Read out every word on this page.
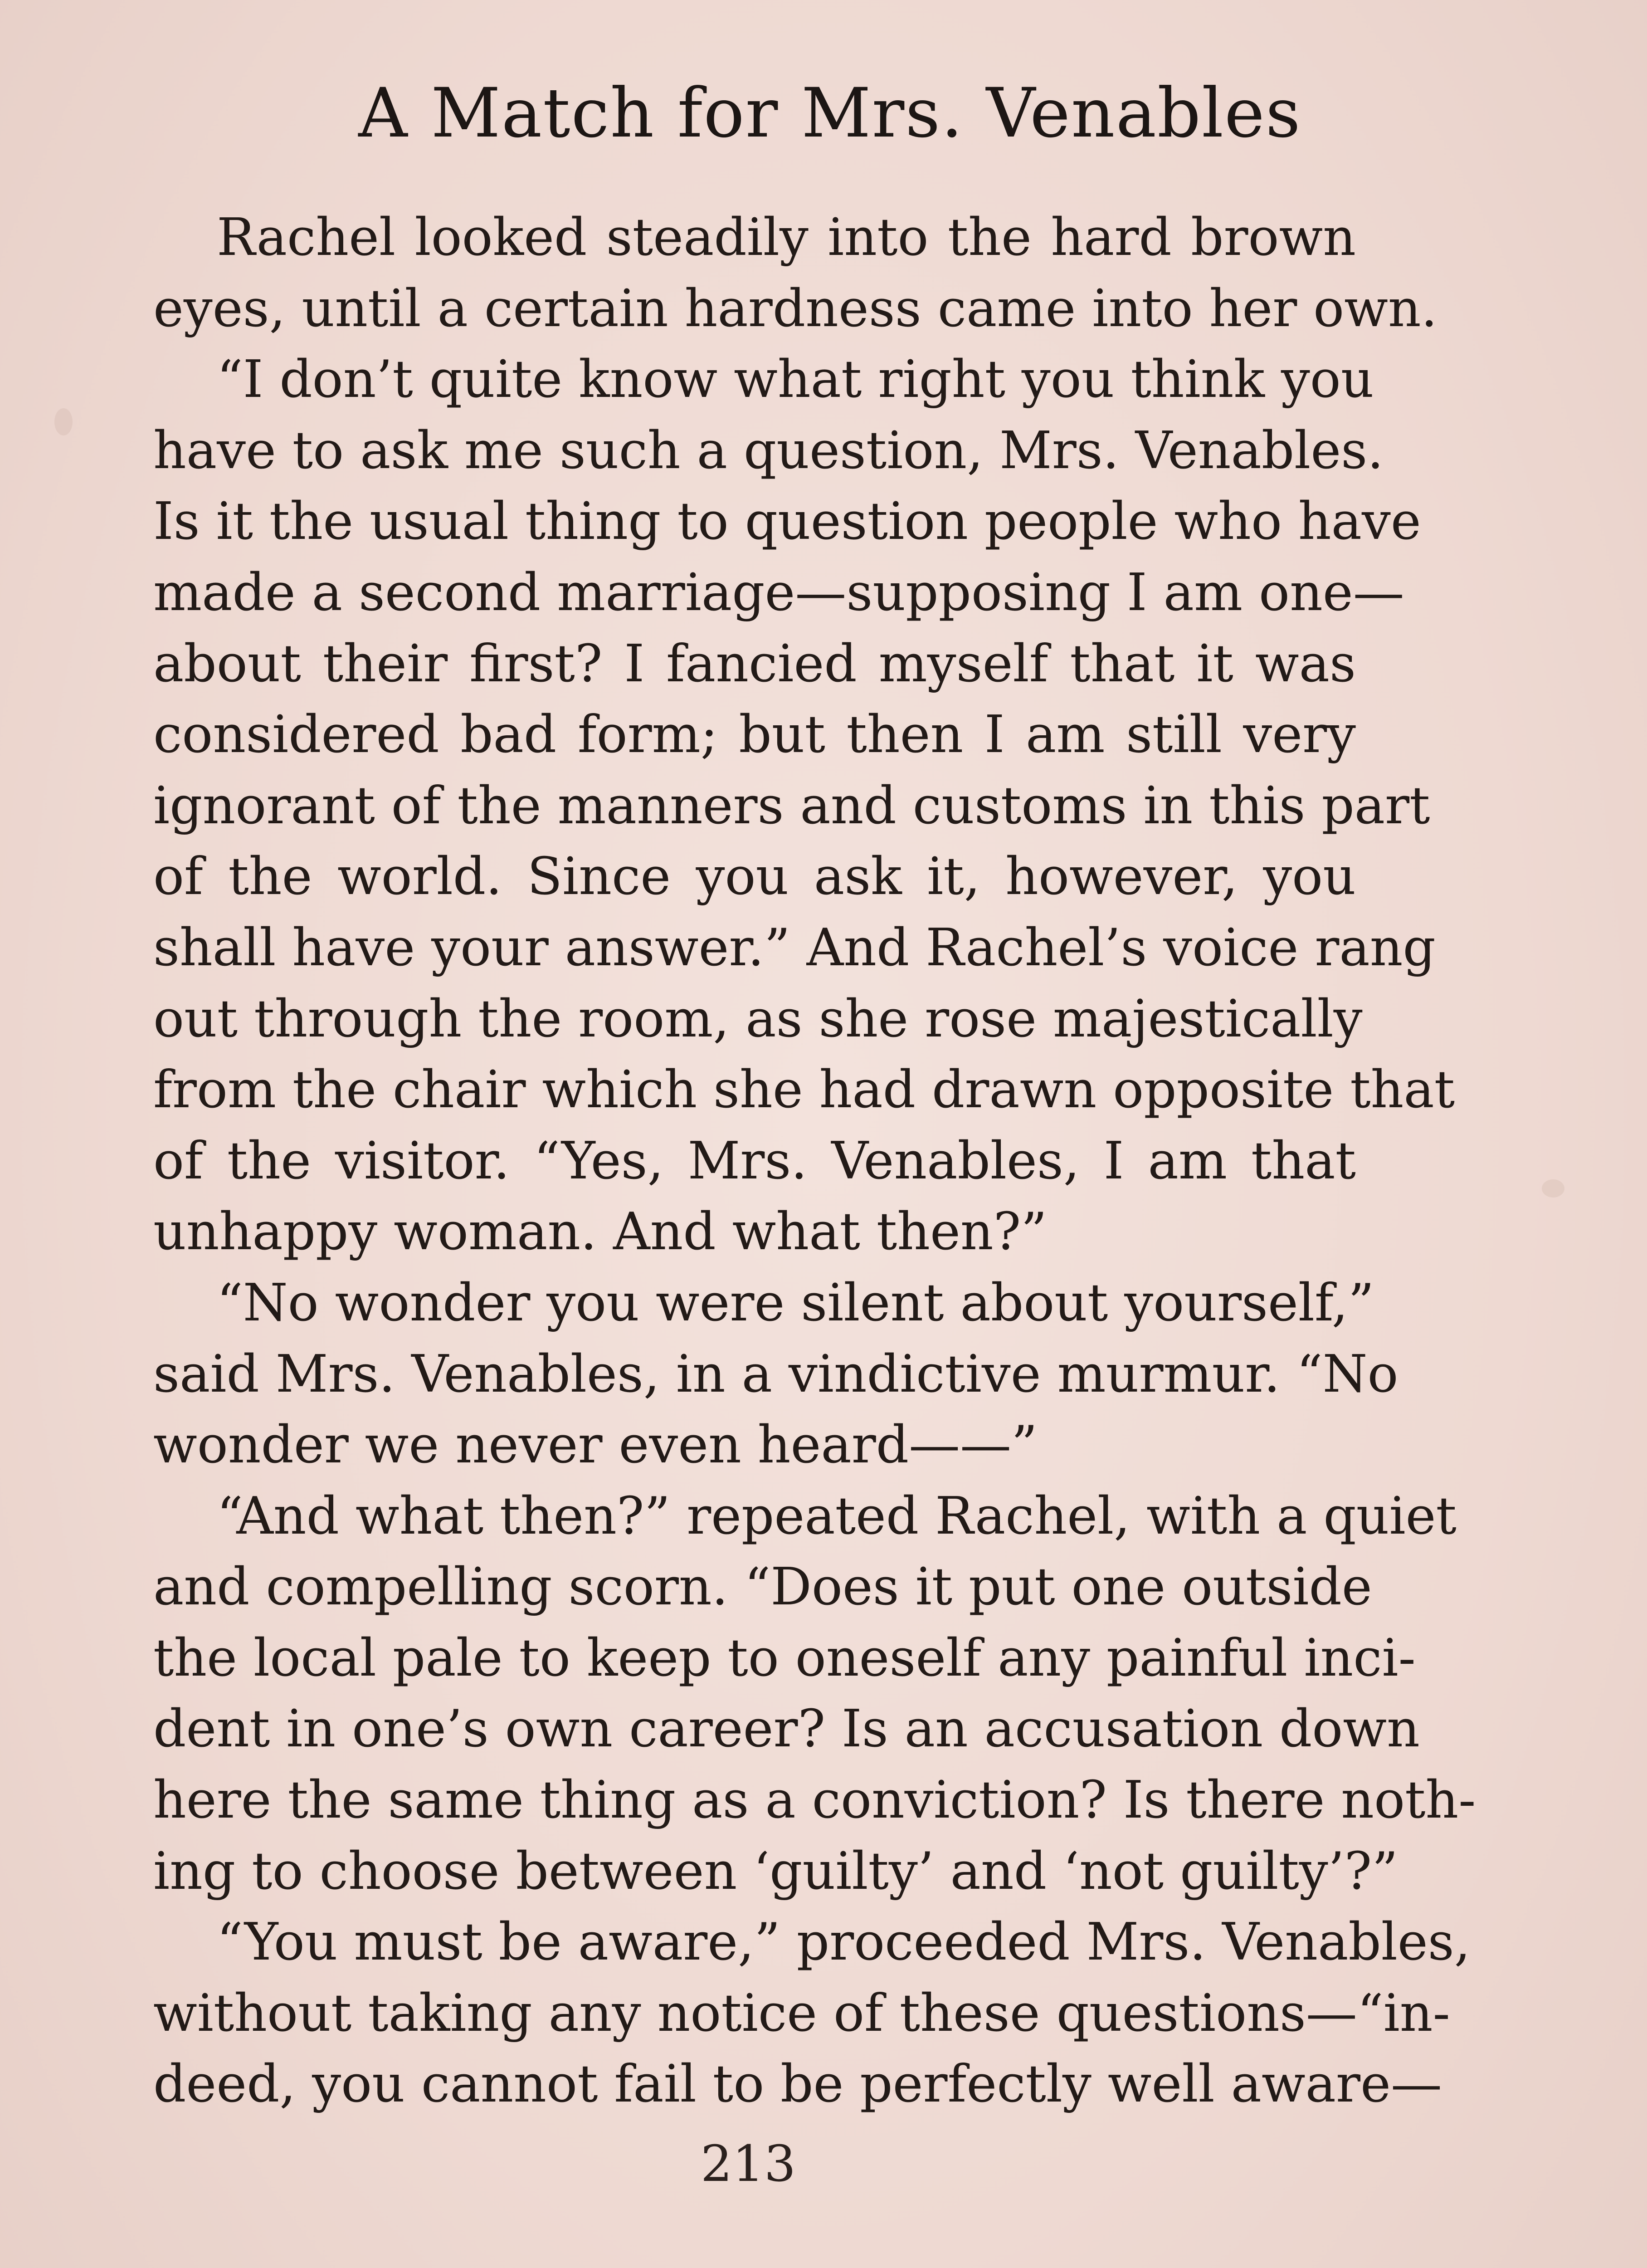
A Match for Mrs. Venables
Rachel looked steadily into the hard brown
eyes, until a certain hardness came into her own.
“I don’t quite know what right you think you
have to ask me such a question, Mrs. Venables.
Is it the usual thing to question people who have
made a second marriage—supposing I am one—
about their first? I fancied myself that it was
considered bad form; but then I am still very
ignorant of the manners and customs in this part
of the world. Since you ask it, however, you
shall have your answer.” And Rachel’s voice rang
out through the room, as she rose majestically
from the chair which she had drawn opposite that
of the visitor. “Yes, Mrs. Venables, I am that
unhappy woman. And what then?”
“No wonder you were silent about yourself,”
said Mrs. Venables, in a vindictive murmur. “No
wonder we never even heard——”
“And what then?” repeated Rachel, with a quiet
and compelling scorn. “Does it put one outside
the local pale to keep to oneself any painful inci-
dent in one’s own career? Is an accusation down
here the same thing as a conviction? Is there noth-
ing to choose between ‘guilty’ and ‘not guilty’?”
“You must be aware,” proceeded Mrs. Venables,
without taking any notice of these questions—“in-
deed, you cannot fail to be perfectly well aware—
213
